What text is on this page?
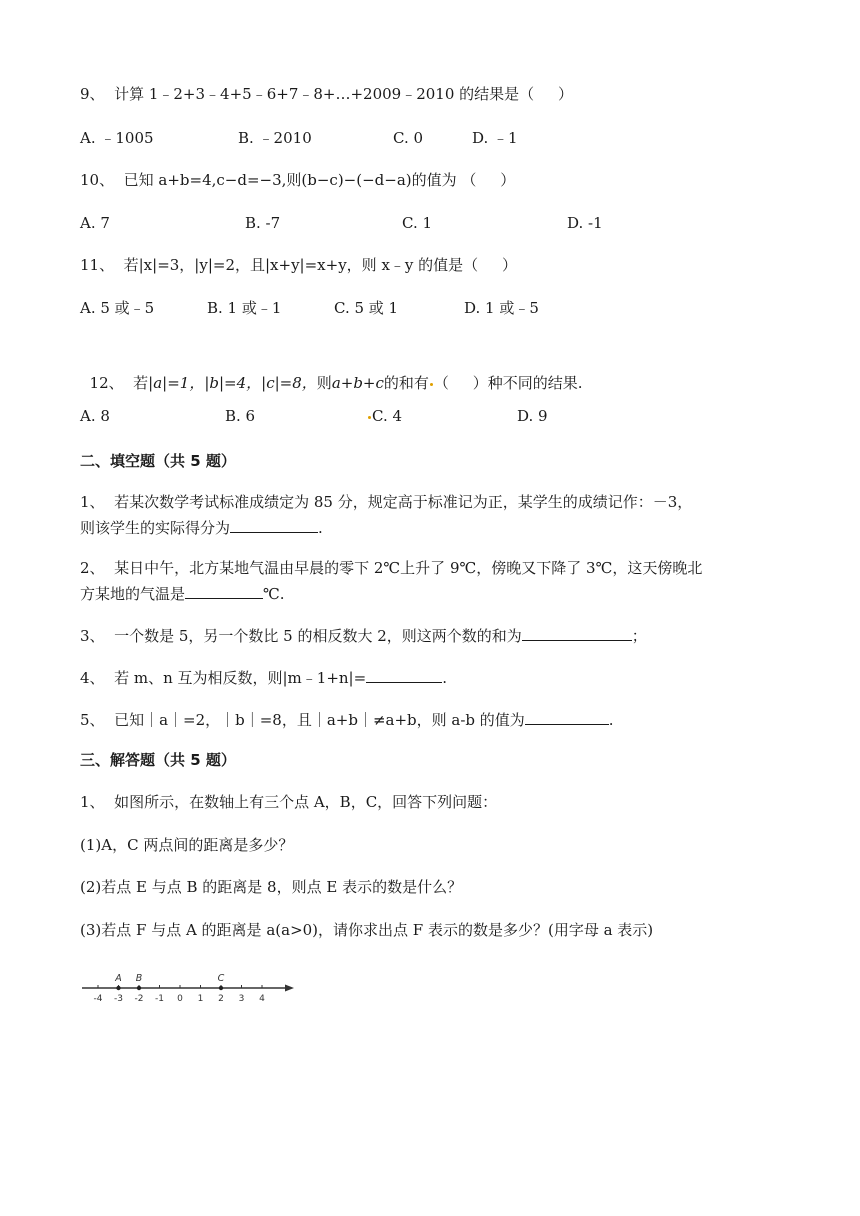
9、  计算 1﹣2+3﹣4+5﹣6+7﹣8+…+2009﹣2010 的结果是（     ）
A. ﹣1005	B. ﹣2010	C. 0	D. ﹣1
10、  已知 a+b=4,c−d=−3,则(b−c)−(−d−a)的值为 （     ）
A. 7	B. -7	C. 1	D. -1
11、  若|x|=3，|y|=2，且|x+y|=x+y，则 x﹣y 的值是（     ）
A. 5 或﹣5	B. 1 或﹣1	C. 5 或 1	D. 1 或﹣5

12、  若|a|=1，|b|=4，|c|=8，则a+b+c的和有 （     ）种不同的结果.

A. 8	B. 6	C. 4	D. 9
二、填空题（共 5 题）
1、  若某次数学考试标准成绩定为 85 分，规定高于标准记为正，某学生的成绩记作：－3，
则该学生的实际得分为	.
2、  某日中午，北方某地气温由早晨的零下 2℃上升了 9℃，傍晚又下降了 3℃，这天傍晚北
方某地的气温是	℃.
3、  一个数是 5，另一个数比 5 的相反数大 2，则这两个数的和为	；
4、  若 m、n 互为相反数，则|m﹣1+n|=	.
5、  已知｜a｜=2，｜b｜=8，且｜a+b｜≠a+b，则 a-b 的值为	.
三、解答题（共 5 题）
1、  如图所示，在数轴上有三个点 A，B，C，回答下列问题：
(1)A，C 两点间的距离是多少？
(2)若点 E 与点 B 的距离是 8，则点 E 表示的数是什么？
(3)若点 F 与点 A 的距离是 a(a>0)，请你求出点 F 表示的数是多少？(用字母 a 表示)
-4 -3 -2 -1 0 1 2 3 4
A B	C
